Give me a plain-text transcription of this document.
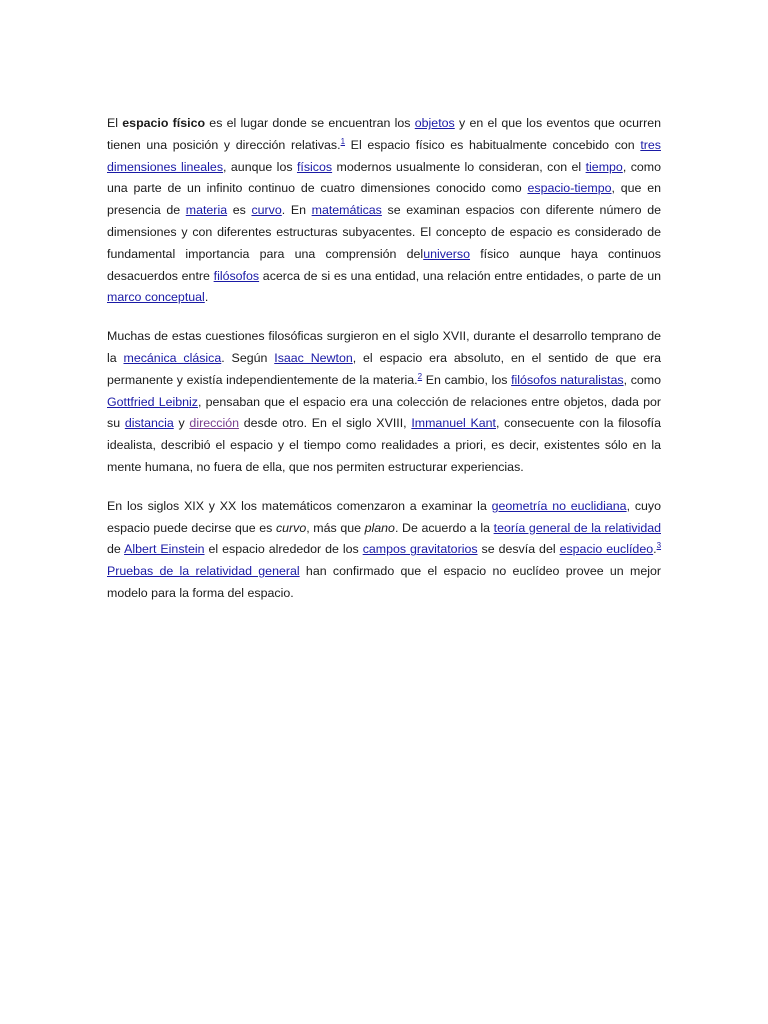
El espacio físico es el lugar donde se encuentran los objetos y en el que los eventos que ocurren tienen una posición y dirección relativas.$^1$ El espacio físico es habitualmente concebido con tres dimensiones lineales, aunque los físicos modernos usualmente lo consideran, con el tiempo, como una parte de un infinito continuo de cuatro dimensiones conocido como espacio-tiempo, que en presencia de materia es curvo. En matemáticas se examinan espacios con diferente número de dimensiones y con diferentes estructuras subyacentes. El concepto de espacio es considerado de fundamental importancia para una comprensión deluniverso físico aunque haya continuos desacuerdos entre filósofos acerca de si es una entidad, una relación entre entidades, o parte de un marco conceptual.

Muchas de estas cuestiones filosóficas surgieron en el siglo XVII, durante el desarrollo temprano de la mecánica clásica. Según Isaac Newton, el espacio era absoluto, en el sentido de que era permanente y existía independientemente de la materia.$^2$ En cambio, los filósofos naturalistas, como Gottfried Leibniz, pensaban que el espacio era una colección de relaciones entre objetos, dada por su distancia y dirección desde otro. En el siglo XVIII, Immanuel Kant, consecuente con la filosofía idealista, describió el espacio y el tiempo como realidades a priori, es decir, existentes sólo en la mente humana, no fuera de ella, que nos permiten estructurar experiencias.

En los siglos XIX y XX los matemáticos comenzaron a examinar la geometría no euclidiana, cuyo espacio puede decirse que es curvo, más que plano. De acuerdo a la teoría general de la relatividad de Albert Einstein el espacio alrededor de los campos gravitatorios se desvía del espacio euclídeo.$^3$ Pruebas de la relatividad general han confirmado que el espacio no euclídeo provee un mejor modelo para la forma del espacio.
